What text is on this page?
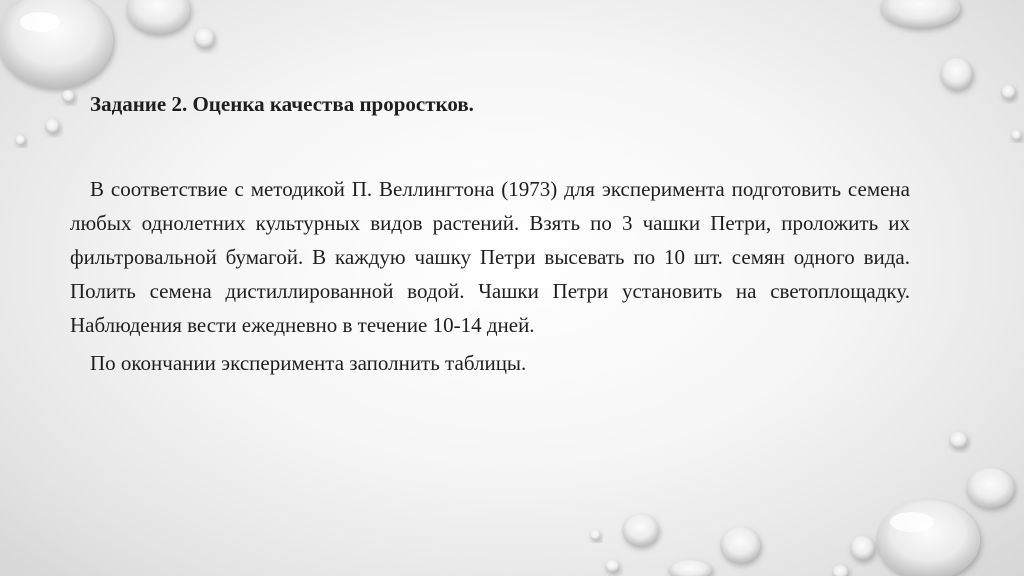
Задание 2. Оценка качества проростков.

В соответствие с методикой П. Веллингтона (1973) для эксперимента подготовить семена любых однолетних культурных видов растений. Взять по 3 чашки Петри, проложить их фильтровальной бумагой. В каждую чашку Петри высевать по 10 шт. семян одного вида. Полить семена дистиллированной водой. Чашки Петри установить на светоплощадку. Наблюдения вести ежедневно в течение 10-14 дней.

По окончании эксперимента заполнить таблицы.
